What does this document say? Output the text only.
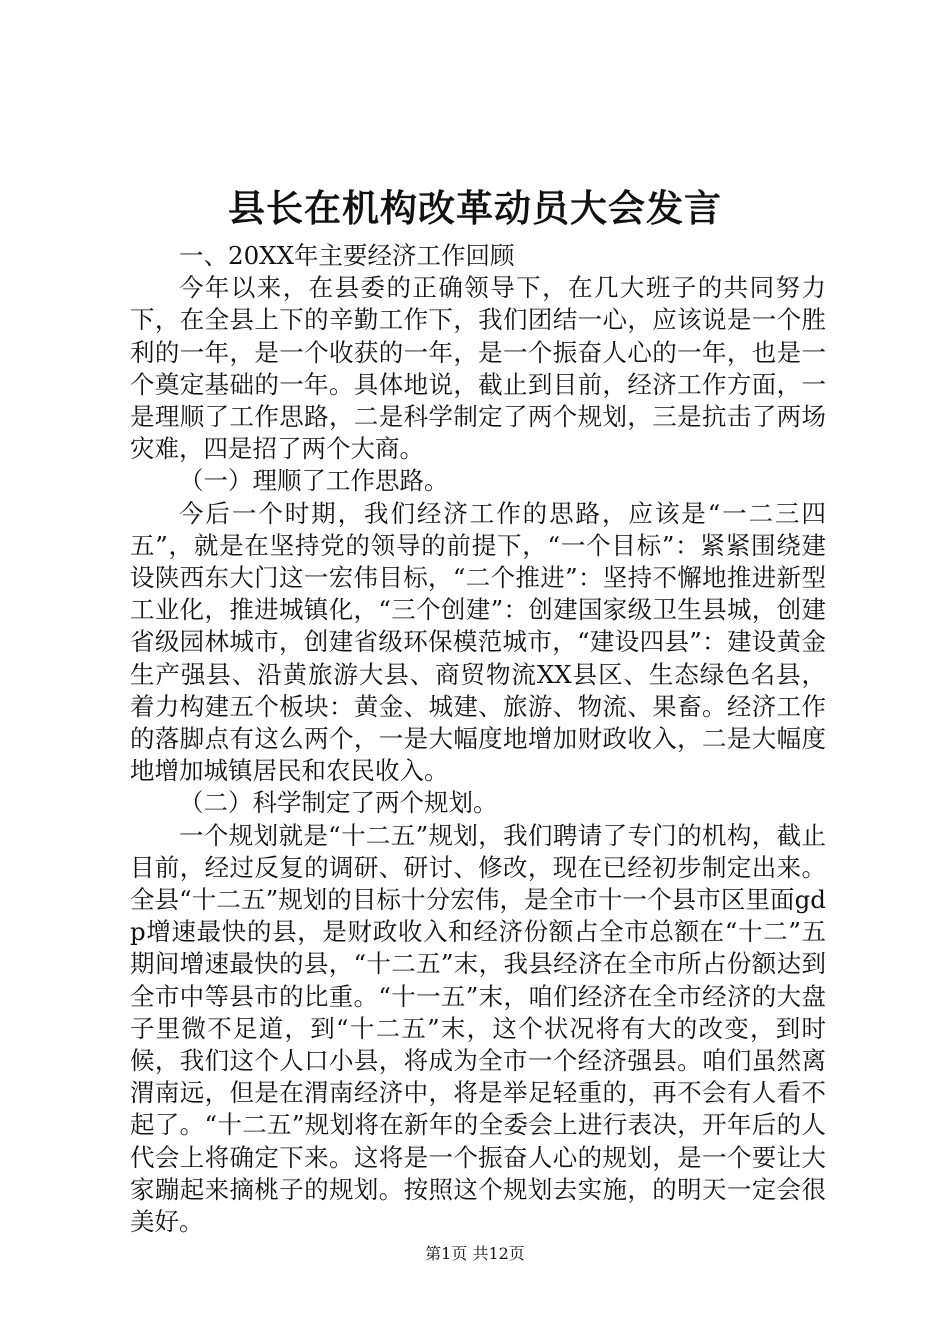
县长在机构改革动员大会发言

一、20XX年主要经济工作回顾

今年以来，在县委的正确领导下，在几大班子的共同努力下，在全县上下的辛勤工作下，我们团结一心，应该说是一个胜利的一年，是一个收获的一年，是一个振奋人心的一年，也是一个奠定基础的一年。具体地说，截止到目前，经济工作方面，一是理顺了工作思路，二是科学制定了两个规划，三是抗击了两场灾难，四是招了两个大商。

（一）理顺了工作思路。

今后一个时期，我们经济工作的思路，应该是“一二三四五”，就是在坚持党的领导的前提下，“一个目标”：紧紧围绕建设陕西东大门这一宏伟目标，“二个推进”：坚持不懈地推进新型工业化，推进城镇化，“三个创建”：创建国家级卫生县城，创建省级园林城市，创建省级环保模范城市，“建设四县”：建设黄金生产强县、沿黄旅游大县、商贸物流XX县区、生态绿色名县，着力构建五个板块：黄金、城建、旅游、物流、果畜。经济工作的落脚点有这么两个，一是大幅度地增加财政收入，二是大幅度地增加城镇居民和农民收入。

（二）科学制定了两个规划。

一个规划就是“十二五”规划，我们聘请了专门的机构，截止目前，经过反复的调研、研讨、修改，现在已经初步制定出来。全县“十二五”规划的目标十分宏伟，是全市十一个县市区里面gdp增速最快的县，是财政收入和经济份额占全市总额在“十二”五期间增速最快的县，“十二五”末，我县经济在全市所占份额达到全市中等县市的比重。“十一五”末，咱们经济在全市经济的大盘子里微不足道，到“十二五”末，这个状况将有大的改变，到时候，我们这个人口小县，将成为全市一个经济强县。咱们虽然离渭南远，但是在渭南经济中，将是举足轻重的，再不会有人看不起了。“十二五”规划将在新年的全委会上进行表决，开年后的人代会上将确定下来。这将是一个振奋人心的规划，是一个要让大家蹦起来摘桃子的规划。按照这个规划去实施，的明天一定会很美好。

第1页 共12页
